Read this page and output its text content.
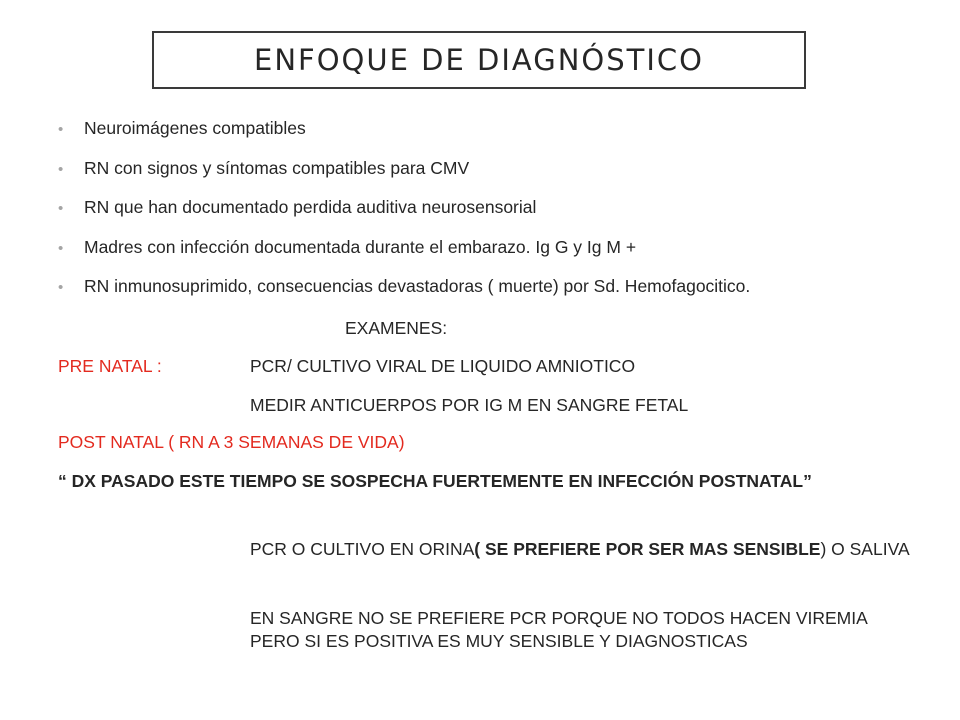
ENFOQUE DE DIAGNÓSTICO
•	Neuroimágenes compatibles
•	RN con signos y síntomas compatibles para CMV
•	RN que han documentado perdida auditiva neurosensorial
•	Madres con infección documentada durante el embarazo. Ig G y Ig M +
•	RN inmunosuprimido, consecuencias devastadoras ( muerte) por Sd. Hemofagocitico.
EXAMENES:
PRE NATAL :	PCR/ CULTIVO VIRAL DE LIQUIDO AMNIOTICO
MEDIR ANTICUERPOS POR IG M EN SANGRE FETAL
POST NATAL ( RN A 3 SEMANAS DE VIDA)
“ DX PASADO ESTE TIEMPO SE SOSPECHA FUERTEMENTE EN INFECCIÓN POSTNATAL”
PCR O CULTIVO EN ORINA( SE PREFIERE POR SER MAS SENSIBLE) O SALIVA
EN SANGRE NO SE PREFIERE PCR PORQUE NO TODOS HACEN VIREMIA PERO SI ES POSITIVA ES MUY SENSIBLE Y DIAGNOSTICAS
